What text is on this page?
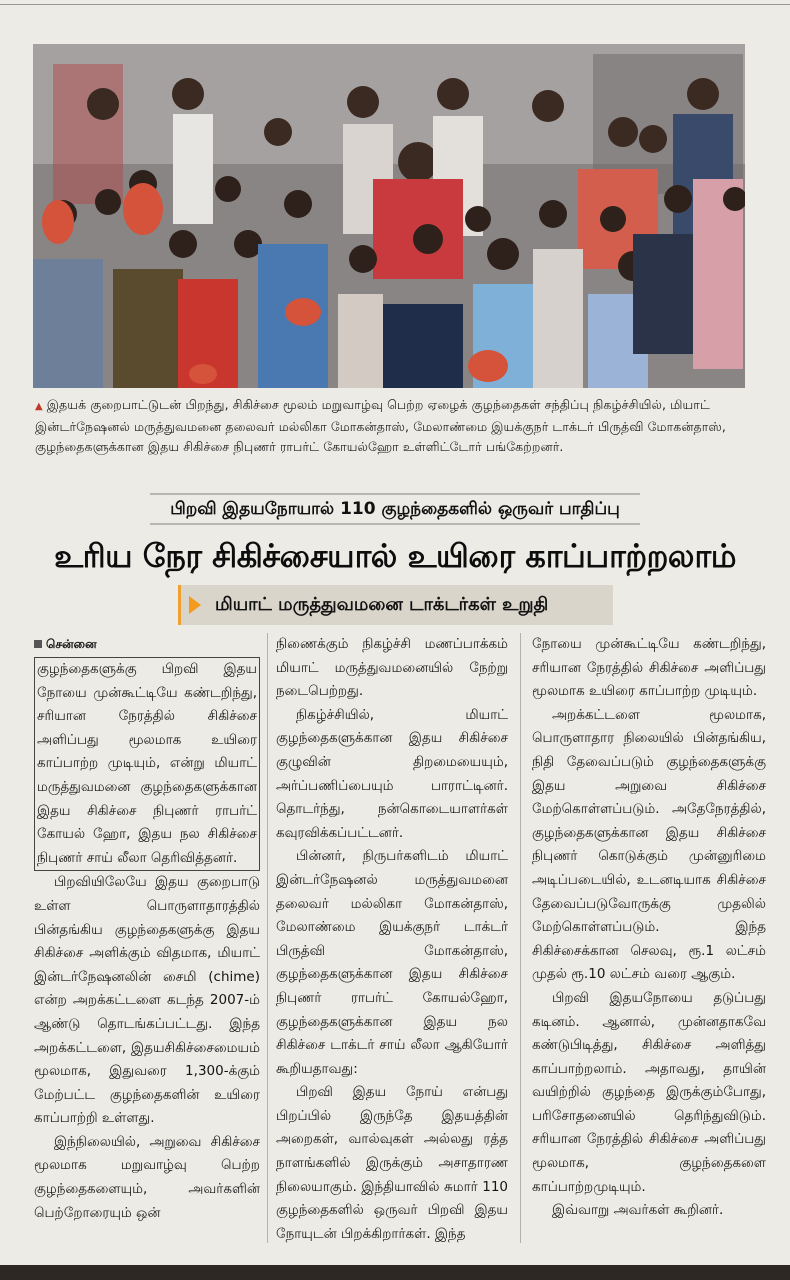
▲ இதயக் குறைபாட்டுடன் பிறந்து, சிகிச்சை மூலம் மறுவாழ்வு பெற்ற ஏழைக் குழந்தைகள் சந்திப்பு நிகழ்ச்சியில், மியாட் இன்டர்நேஷனல் மருத்துவமனை தலைவர் மல்லிகா மோகன்தாஸ், மேலாண்மை இயக்குநர் டாக்டர் பிருத்வி மோகன்தாஸ், குழந்தைகளுக்கான இதய சிகிச்சை நிபுணர் ராபர்ட் கோயல்ஹோ உள்ளிட்டோர் பங்கேற்றனர்.
பிறவி இதயநோயால் 110 குழந்தைகளில் ஒருவர் பாதிப்பு
உரிய நேர சிகிச்சையால் உயிரை காப்பாற்றலாம்
மியாட் மருத்துவமனை டாக்டர்கள் உறுதி
சென்னை

குழந்தைகளுக்கு பிறவி இதய நோயை முன்கூட்டியே கண்டறிந்து, சரியான நேரத்தில் சிகிச்சை அளிப்பது மூலமாக உயிரை காப்பாற்ற முடியும், என்று மியாட் மருத்துவமனை குழந்தைகளுக்கான இதய சிகிச்சை நிபுணர் ராபர்ட் கோயல் ஹோ, இதய நல சிகிச்சை நிபுணர் சாய் லீலா தெரிவித்தனர்.

பிறவியிலேயே இதய குறைபாடு உள்ள பொருளாதாரத்தில் பின்தங்கிய குழந்தைகளுக்கு இதய சிகிச்சை அளிக்கும் விதமாக, மியாட் இன்டர்நேஷனலின் சைமி (chime) என்ற அறக்கட்டளை கடந்த 2007-ம் ஆண்டு தொடங்கப்பட்டது. இந்த அறக்கட்டளை, இதயசிகிச்சைமையம் மூலமாக, இதுவரை 1,300-க்கும் மேற்பட்ட குழந்தைகளின் உயிரை காப்பாற்றி உள்ளது.

இந்நிலையில், அறுவை சிகிச்சை மூலமாக மறுவாழ்வு பெற்ற குழந்தைகளையும், அவர்களின் பெற்றோரையும் ஒன்

நிணைக்கும் நிகழ்ச்சி மணப்பாக்கம் மியாட் மருத்துவமனையில் நேற்று நடைபெற்றது.

நிகழ்ச்சியில், மியாட் குழந்தைகளுக்கான இதய சிகிச்சை குழுவின் திறமையையும், அர்ப்பணிப்பையும் பாராட்டினர். தொடர்ந்து, நன்கொடையாளர்கள் கவுரவிக்கப்பட்டனர்.

பின்னர், நிருபர்களிடம் மியாட் இன்டர்நேஷனல் மருத்துவமனை தலைவர் மல்லிகா மோகன்தாஸ், மேலாண்மை இயக்குநர் டாக்டர் பிருத்வி மோகன்தாஸ், குழந்தைகளுக்கான இதய சிகிச்சை நிபுணர் ராபர்ட் கோயல்ஹோ, குழந்தைகளுக்கான இதய நல சிகிச்சை டாக்டர் சாய் லீலா ஆகியோர் கூறியதாவது:

பிறவி இதய நோய் என்பது பிறப்பில் இருந்தே இதயத்தின் அறைகள், வால்வுகள் அல்லது ரத்த நாளங்களில் இருக்கும் அசாதாரண நிலையாகும். இந்தியாவில் சுமார் 110 குழந்தைகளில் ஒருவர் பிறவி இதய நோயுடன் பிறக்கிறார்கள். இந்த

நோயை முன்கூட்டியே கண்டறிந்து, சரியான நேரத்தில் சிகிச்சை அளிப்பது மூலமாக உயிரை காப்பாற்ற முடியும்.

அறக்கட்டளை மூலமாக, பொருளாதார நிலையில் பின்தங்கிய, நிதி தேவைப்படும் குழந்தைகளுக்கு இதய அறுவை சிகிச்சை மேற்கொள்ளப்படும். அதேநேரத்தில், குழந்தைகளுக்கான இதய சிகிச்சை நிபுணர் கொடுக்கும் முன்னுரிமை அடிப்படையில், உடனடியாக சிகிச்சை தேவைப்படுவோருக்கு முதலில் மேற்கொள்ளப்படும். இந்த சிகிச்சைக்கான செலவு, ரூ.1 லட்சம் முதல் ரூ.10 லட்சம் வரை ஆகும்.

பிறவி இதயநோயை தடுப்பது கடினம். ஆனால், முன்னதாகவே கண்டுபிடித்து, சிகிச்சை அளித்து காப்பாற்றலாம். அதாவது, தாயின் வயிற்றில் குழந்தை இருக்கும்போது, பரிசோதனையில் தெரிந்துவிடும். சரியான நேரத்தில் சிகிச்சை அளிப்பது மூலமாக, குழந்தைகளை காப்பாற்றமுடியும்.

இவ்வாறு அவர்கள் கூறினர்.
